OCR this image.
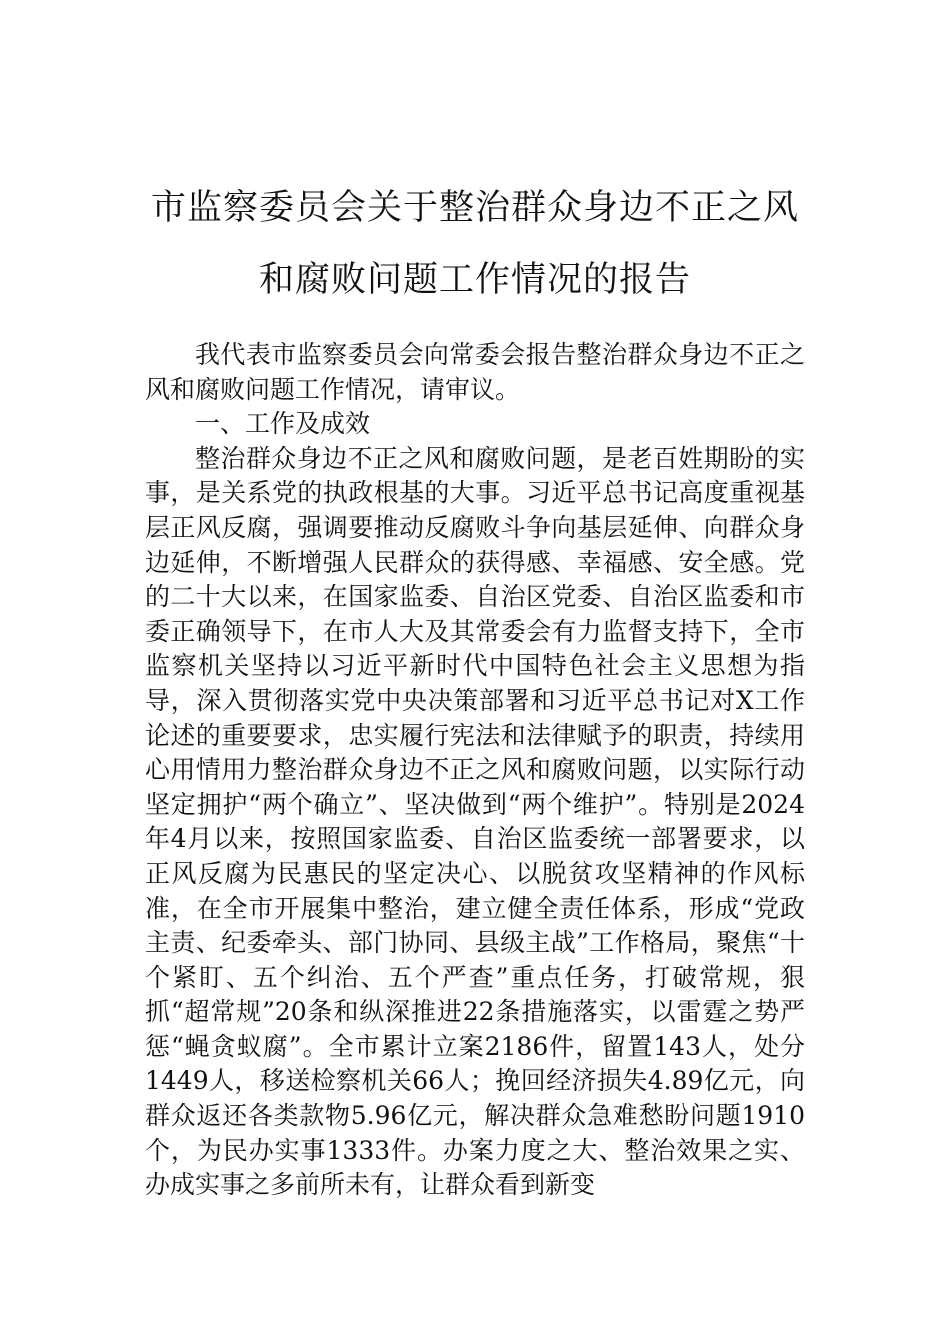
市监察委员会关于整治群众身边不正之风
和腐败问题工作情况的报告

我代表市监察委员会向常委会报告整治群众身边不正之风和腐败问题工作情况，请审议。

一、工作及成效

整治群众身边不正之风和腐败问题，是老百姓期盼的实事，是关系党的执政根基的大事。习近平总书记高度重视基层正风反腐，强调要推动反腐败斗争向基层延伸、向群众身边延伸，不断增强人民群众的获得感、幸福感、安全感。党的二十大以来，在国家监委、自治区党委、自治区监委和市委正确领导下，在市人大及其常委会有力监督支持下，全市监察机关坚持以习近平新时代中国特色社会主义思想为指导，深入贯彻落实党中央决策部署和习近平总书记对X工作论述的重要要求，忠实履行宪法和法律赋予的职责，持续用心用情用力整治群众身边不正之风和腐败问题，以实际行动坚定拥护“两个确立”、坚决做到“两个维护”。特别是2024年4月以来，按照国家监委、自治区监委统一部署要求，以正风反腐为民惠民的坚定决心、以脱贫攻坚精神的作风标准，在全市开展集中整治，建立健全责任体系，形成“党政主责、纪委牵头、部门协同、县级主战”工作格局，聚焦“十个紧盯、五个纠治、五个严查”重点任务，打破常规，狠抓“超常规”20条和纵深推进22条措施落实，以雷霆之势严惩“蝇贪蚁腐”。全市累计立案2186件，留置143人，处分1449人，移送检察机关66人；挽回经济损失4.89亿元，向群众返还各类款物5.96亿元，解决群众急难愁盼问题1910个，为民办实事1333件。办案力度之大、整治效果之实、办成实事之多前所未有，让群众看到新变
